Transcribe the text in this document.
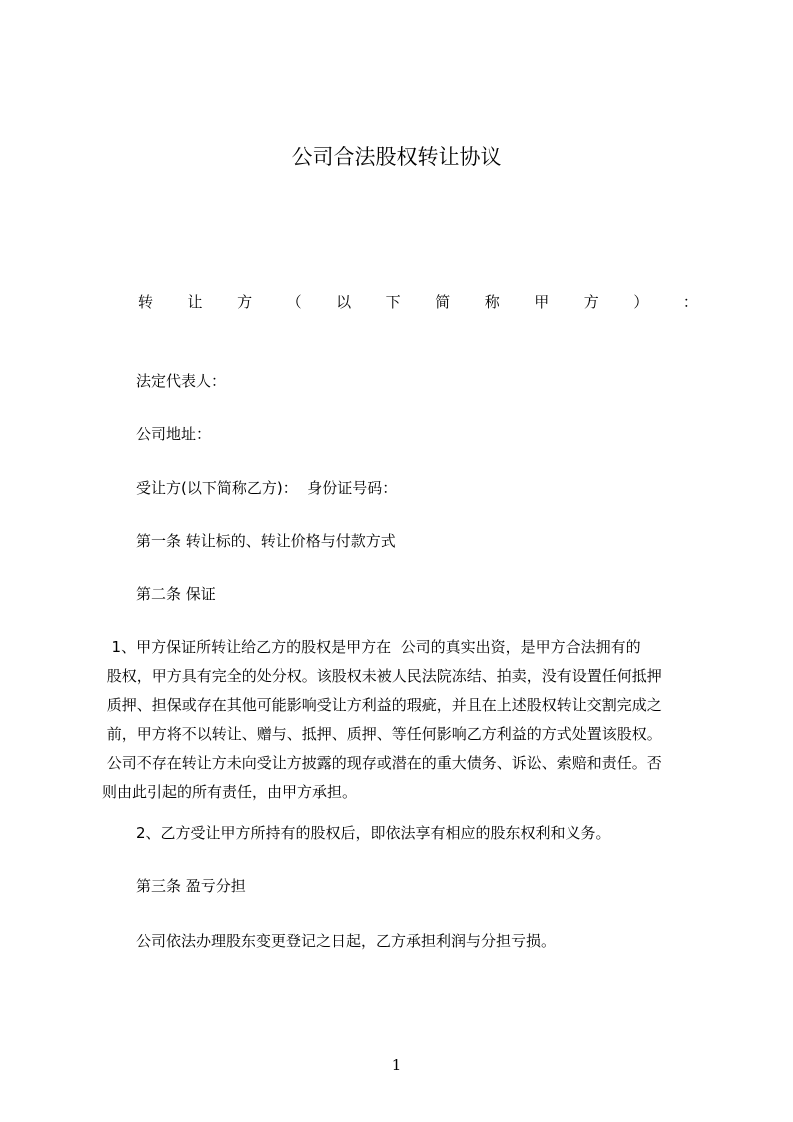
公司合法股权转让协议
转 让 方 （ 以 下 简 称 甲 方 ） ：
法定代表人：
公司地址：
受让方(以下简称乙方)：  身份证号码：
第一条 转让标的、转让价格与付款方式
第二条 保证
1、甲方保证所转让给乙方的股权是甲方在  公司的真实出资，是甲方合法拥有的
股权，甲方具有完全的处分权。该股权未被人民法院冻结、拍卖，没有设置任何抵押
质押、担保或存在其他可能影响受让方利益的瑕疵，并且在上述股权转让交割完成之
前，甲方将不以转让、赠与、抵押、质押、等任何影响乙方利益的方式处置该股权。
公司不存在转让方未向受让方披露的现存或潜在的重大债务、诉讼、索赔和责任。否
则由此引起的所有责任，由甲方承担。
2、乙方受让甲方所持有的股权后，即依法享有相应的股东权利和义务。
第三条 盈亏分担
公司依法办理股东变更登记之日起，乙方承担利润与分担亏损。
1
